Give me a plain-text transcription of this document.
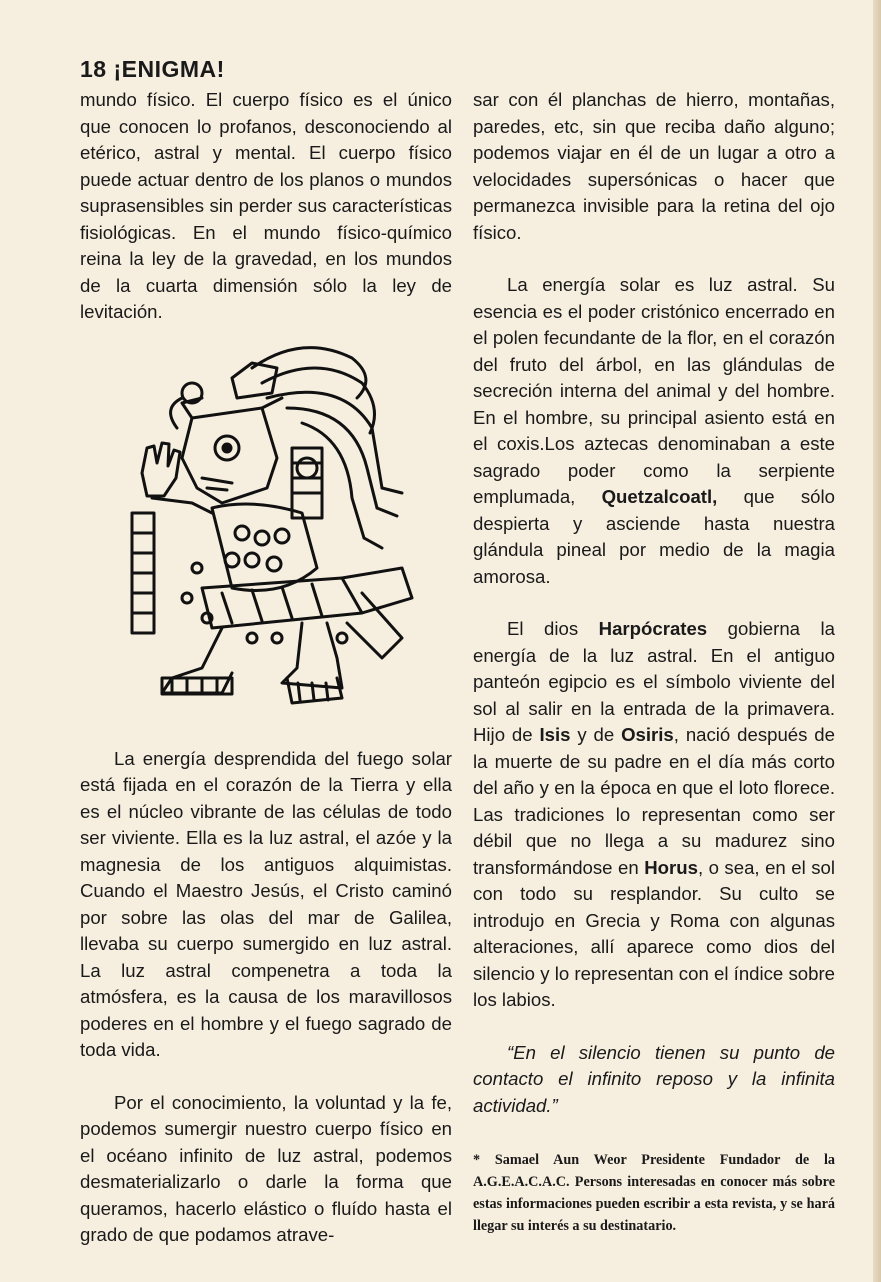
18 ¡ENIGMA!

mundo físico. El cuerpo físico es el único que conocen lo profanos, desconociendo al etérico, astral y mental. El cuerpo físico puede actuar dentro de los planos o mundos suprasensibles sin perder sus características fisiológicas. En el mundo físico-químico reina la ley de la gravedad, en los mundos de la cuarta dimensión sólo la ley de levitación.

La energía desprendida del fuego solar está fijada en el corazón de la Tierra y ella es el núcleo vibrante de las células de todo ser viviente. Ella es la luz astral, el azóe y la magnesia de los antiguos alquimistas. Cuando el Maestro Jesús, el Cristo caminó por sobre las olas del mar de Galilea, llevaba su cuerpo sumergido en luz astral. La luz astral compenetra a toda la atmósfera, es la causa de los maravillosos poderes en el hombre y el fuego sagrado de toda vida.

Por el conocimiento, la voluntad y la fe, podemos sumergir nuestro cuerpo físico en el océano infinito de luz astral, podemos desmaterializarlo o darle la forma que queramos, hacerlo elástico o fluído hasta el grado de que podamos atrave-

sar con él planchas de hierro, montañas, paredes, etc, sin que reciba daño alguno; podemos viajar en él de un lugar a otro a velocidades supersónicas o hacer que permanezca invisible para la retina del ojo físico.

La energía solar es luz astral. Su esencia es el poder cristónico encerrado en el polen fecundante de la flor, en el corazón del fruto del árbol, en las glándulas de secreción interna del animal y del hombre. En el hombre, su principal asiento está en el coxis.Los aztecas denominaban a este sagrado poder como la serpiente emplumada, Quetzalcoatl, que sólo despierta y asciende hasta nuestra glándula pineal por medio de la magia amorosa.

El dios Harpócrates gobierna la energía de la luz astral. En el antiguo panteón egipcio es el símbolo viviente del sol al salir en la entrada de la primavera. Hijo de Isis y de Osiris, nació después de la muerte de su padre en el día más corto del año y en la época en que el loto florece. Las tradiciones lo representan como ser débil que no llega a su madurez sino transformándose en Horus, o sea, en el sol con todo su resplandor. Su culto se introdujo en Grecia y Roma con algunas alteraciones, allí aparece como dios del silencio y lo representan con el índice sobre los labios.

“En el silencio tienen su punto de contacto el infinito reposo y la infinita actividad.”

* Samael Aun Weor Presidente Fundador de la A.G.E.A.C.A.C. Persons interesadas en conocer más sobre estas informaciones pueden escribir a esta revista, y se hará llegar su interés a su destinatario.
